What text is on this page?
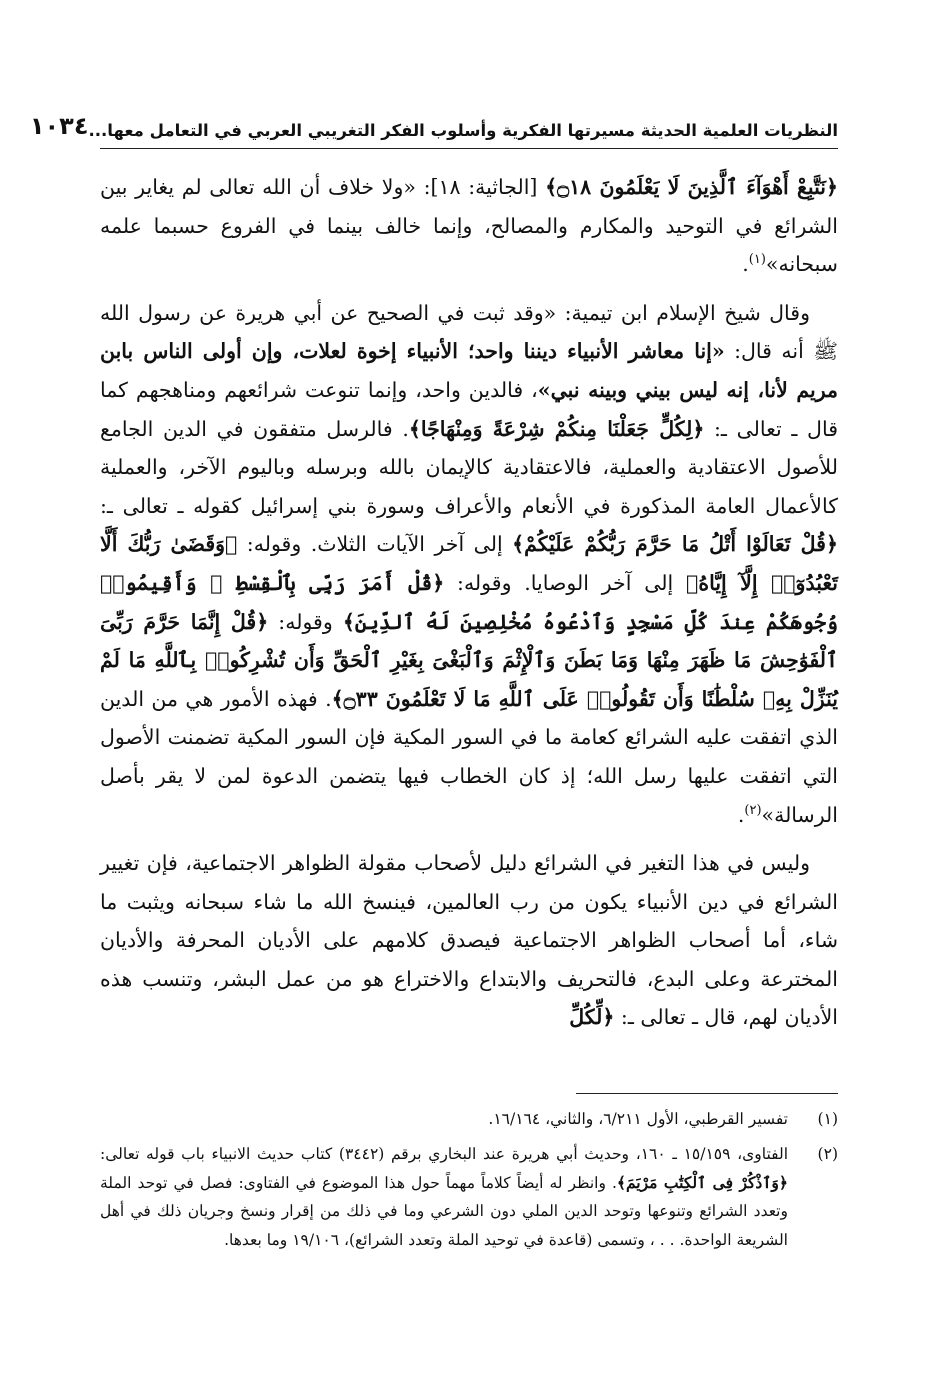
النظريات العلمية الحديثة مسيرتها الفكرية وأسلوب الفكر التغريبي العربي في التعامل معها...
١٠٣٤

﴿نَتَّبِعْ أَهْوَآءَ ٱلَّذِينَ لَا يَعْلَمُونَ ۝١٨﴾ [الجاثية: ١٨]: «ولا خلاف أن الله تعالى لم يغاير بين الشرائع في التوحيد والمكارم والمصالح، وإنما خالف بينما في الفروع حسبما علمه سبحانه»$^{(١)}$.

وقال شيخ الإسلام ابن تيمية: «وقد ثبت في الصحيح عن أبي هريرة عن رسول الله ﷺ أنه قال: «إنا معاشر الأنبياء ديننا واحد؛ الأنبياء إخوة لعلات، وإن أولى الناس بابن مريم لأنا، إنه ليس بيني وبينه نبي»، فالدين واحد، وإنما تنوعت شرائعهم ومناهجهم كما قال ـ تعالى ـ: ﴿لِكُلٍّ جَعَلْنَا مِنكُمْ شِرْعَةً وَمِنْهَاجًا﴾. فالرسل متفقون في الدين الجامع للأصول الاعتقادية والعملية، فالاعتقادية كالإيمان بالله وبرسله وباليوم الآخر، والعملية كالأعمال العامة المذكورة في الأنعام والأعراف وسورة بني إسرائيل كقوله ـ تعالى ـ: ﴿قُلْ تَعَالَوْا أَتْلُ مَا حَرَّمَ رَبُّكُمْ عَلَيْكُمْ﴾ إلى آخر الآيات الثلاث. وقوله: ﴿وَقَضَىٰ رَبُّكَ أَلَّا تَعْبُدُوٓا۟ إِلَّآ إِيَّاهُ﴾ إلى آخر الوصايا. وقوله: ﴿قُلْ أَمَرَ رَبِّى بِٱلْقِسْطِ ۖ وَأَقِيمُوا۟ وُجُوهَكُمْ عِندَ كُلِّ مَسْجِدٍ وَٱدْعُوهُ مُخْلِصِينَ لَهُ ٱلدِّينَ﴾ وقوله: ﴿قُلْ إِنَّمَا حَرَّمَ رَبِّىَ ٱلْفَوَٰحِشَ مَا ظَهَرَ مِنْهَا وَمَا بَطَنَ وَٱلْإِثْمَ وَٱلْبَغْىَ بِغَيْرِ ٱلْحَقِّ وَأَن تُشْرِكُوا۟ بِٱللَّهِ مَا لَمْ يُنَزِّلْ بِهِۦ سُلْطَٰنًا وَأَن تَقُولُوا۟ عَلَى ٱللَّهِ مَا لَا تَعْلَمُونَ ۝٣٣﴾. فهذه الأمور هي من الدين الذي اتفقت عليه الشرائع كعامة ما في السور المكية فإن السور المكية تضمنت الأصول التي اتفقت عليها رسل الله؛ إذ كان الخطاب فيها يتضمن الدعوة لمن لا يقر بأصل الرسالة»$^{(٢)}$.

وليس في هذا التغير في الشرائع دليل لأصحاب مقولة الظواهر الاجتماعية، فإن تغيير الشرائع في دين الأنبياء يكون من رب العالمين، فينسخ الله ما شاء سبحانه ويثبت ما شاء، أما أصحاب الظواهر الاجتماعية فيصدق كلامهم على الأديان المحرفة والأديان المخترعة وعلى البدع، فالتحريف والابتداع والاختراع هو من عمل البشر، وتنسب هذه الأديان لهم، قال ـ تعالى ـ: ﴿لِّكُلِّ

(١)
تفسير القرطبي، الأول ٦/٢١١، والثاني، ١٦/١٦٤.
(٢)
الفتاوى، ١٥/١٥٩ ـ ١٦٠، وحديث أبي هريرة عند البخاري برقم (٣٤٤٢) كتاب حديث الانبياء باب قوله تعالى: ﴿وَٱذْكُرْ فِى ٱلْكِتَٰبِ مَرْيَمَ﴾. وانظر له أيضاً كلاماً مهماً حول هذا الموضوع في الفتاوى: فصل في توحد الملة وتعدد الشرائع وتنوعها وتوحد الدين الملي دون الشرعي وما في ذلك من إقرار ونسخ وجريان ذلك في أهل الشريعة الواحدة. . . ، وتسمى (قاعدة في توحيد الملة وتعدد الشرائع)، ١٩/١٠٦ وما بعدها.
